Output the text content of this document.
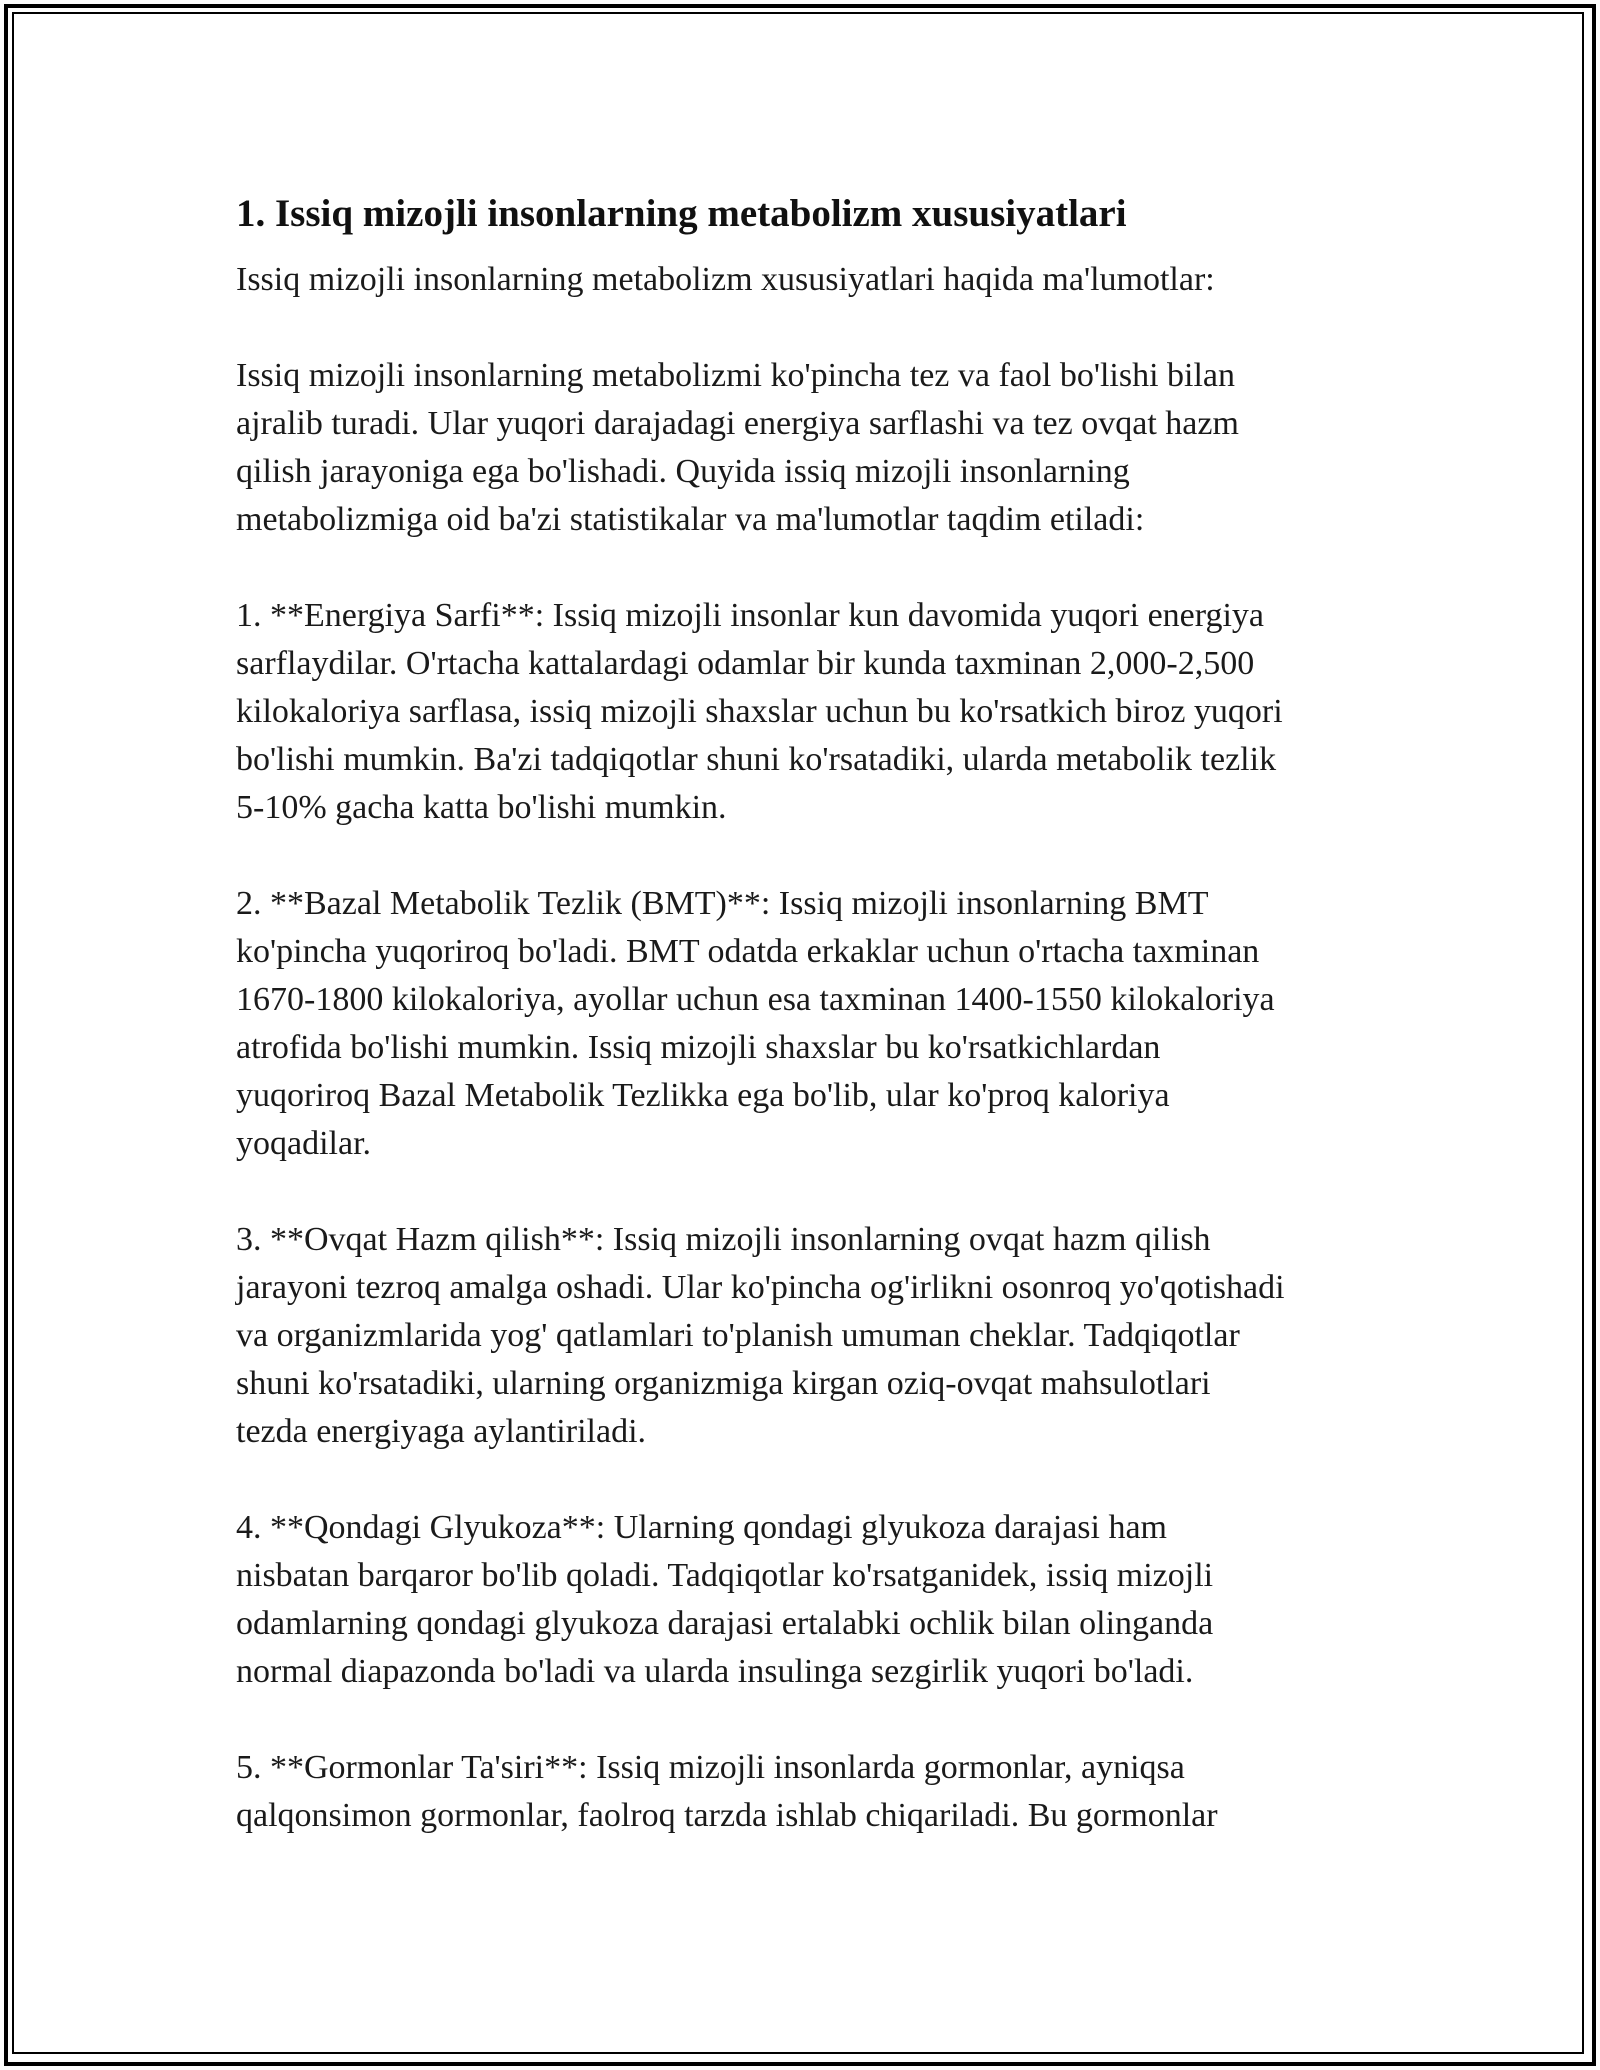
1. Issiq mizojli insonlarning metabolizm xususiyatlari

Issiq mizojli insonlarning metabolizm xususiyatlari haqida ma'lumotlar:

Issiq mizojli insonlarning metabolizmi ko'pincha tez va faol bo'lishi bilan
ajralib turadi. Ular yuqori darajadagi energiya sarflashi va tez ovqat hazm
qilish jarayoniga ega bo'lishadi. Quyida issiq mizojli insonlarning
metabolizmiga oid ba'zi statistikalar va ma'lumotlar taqdim etiladi:

1. **Energiya Sarfi**: Issiq mizojli insonlar kun davomida yuqori energiya
sarflaydilar. O'rtacha kattalardagi odamlar bir kunda taxminan 2,000-2,500
kilokaloriya sarflasa, issiq mizojli shaxslar uchun bu ko'rsatkich biroz yuqori
bo'lishi mumkin. Ba'zi tadqiqotlar shuni ko'rsatadiki, ularda metabolik tezlik
5-10% gacha katta bo'lishi mumkin.

2. **Bazal Metabolik Tezlik (BMT)**: Issiq mizojli insonlarning BMT
ko'pincha yuqoriroq bo'ladi. BMT odatda erkaklar uchun o'rtacha taxminan
1670-1800 kilokaloriya, ayollar uchun esa taxminan 1400-1550 kilokaloriya
atrofida bo'lishi mumkin. Issiq mizojli shaxslar bu ko'rsatkichlardan
yuqoriroq Bazal Metabolik Tezlikka ega bo'lib, ular ko'proq kaloriya
yoqadilar.

3. **Ovqat Hazm qilish**: Issiq mizojli insonlarning ovqat hazm qilish
jarayoni tezroq amalga oshadi. Ular ko'pincha og'irlikni osonroq yo'qotishadi
va organizmlarida yog' qatlamlari to'planish umuman cheklar. Tadqiqotlar
shuni ko'rsatadiki, ularning organizmiga kirgan oziq-ovqat mahsulotlari
tezda energiyaga aylantiriladi.

4. **Qondagi Glyukoza**: Ularning qondagi glyukoza darajasi ham
nisbatan barqaror bo'lib qoladi. Tadqiqotlar ko'rsatganidek, issiq mizojli
odamlarning qondagi glyukoza darajasi ertalabki ochlik bilan olinganda
normal diapazonda bo'ladi va ularda insulinga sezgirlik yuqori bo'ladi.

5. **Gormonlar Ta'siri**: Issiq mizojli insonlarda gormonlar, ayniqsa
qalqonsimon gormonlar, faolroq tarzda ishlab chiqariladi. Bu gormonlar
